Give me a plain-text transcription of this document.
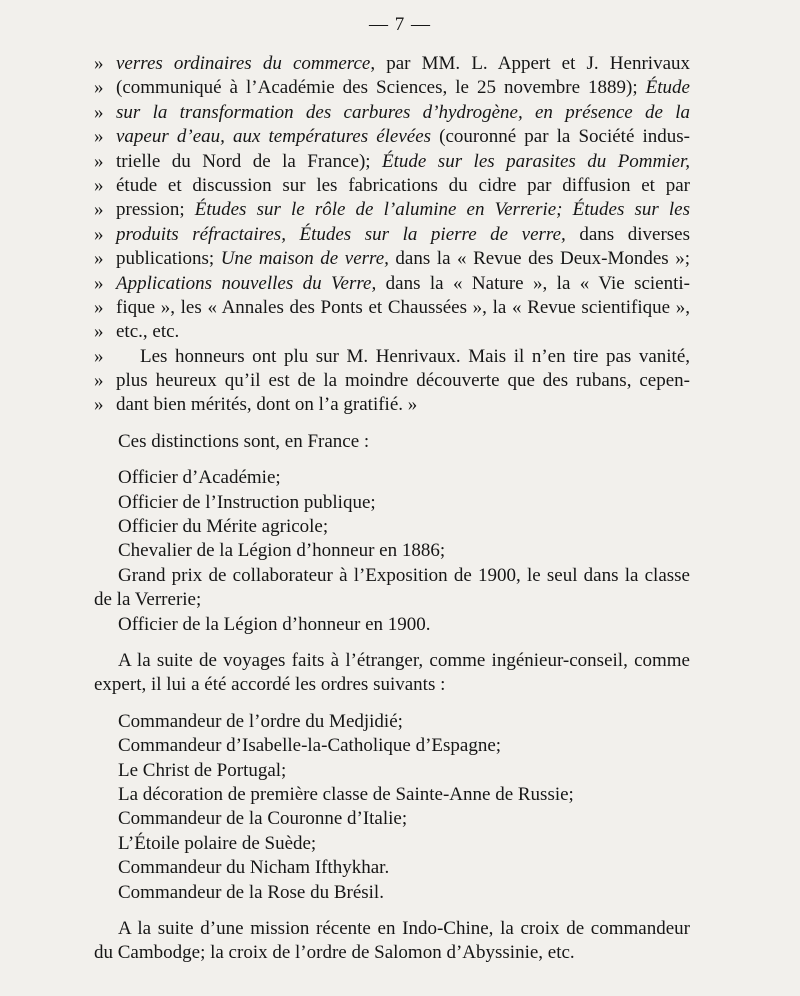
— 7 —
» verres ordinaires du commerce, par MM. L. Appert et J. Henrivaux
» (communiqué à l’Académie des Sciences, le 25 novembre 1889); Étude
» sur la transformation des carbures d’hydrogène, en présence de la
» vapeur d’eau, aux températures élevées (couronné par la Société indus-
» trielle du Nord de la France); Étude sur les parasites du Pommier,
» étude et discussion sur les fabrications du cidre par diffusion et par
» pression; Études sur le rôle de l’alumine en Verrerie; Études sur les
» produits réfractaires, Études sur la pierre de verre, dans diverses
» publications; Une maison de verre, dans la « Revue des Deux-Mondes »;
» Applications nouvelles du Verre, dans la « Nature », la « Vie scienti-
» fique », les « Annales des Ponts et Chaussées », la « Revue scientifique »,
» etc., etc.
»	Les honneurs ont plu sur M. Henrivaux. Mais il n’en tire pas vanité,
» plus heureux qu’il est de la moindre découverte que des rubans, cepen-
» dant bien mérités, dont on l’a gratifié. »
Ces distinctions sont, en France :
Officier d’Académie;
Officier de l’Instruction publique;
Officier du Mérite agricole;
Chevalier de la Légion d’honneur en 1886;
Grand prix de collaborateur à l’Exposition de 1900, le seul dans la classe
de la Verrerie;
Officier de la Légion d’honneur en 1900.
A la suite de voyages faits à l’étranger, comme ingénieur-conseil, comme
expert, il lui a été accordé les ordres suivants :
Commandeur de l’ordre du Medjidié;
Commandeur d’Isabelle-la-Catholique d’Espagne;
Le Christ de Portugal;
La décoration de première classe de Sainte-Anne de Russie;
Commandeur de la Couronne d’Italie;
L’Étoile polaire de Suède;
Commandeur du Nicham Ifthykhar.
Commandeur de la Rose du Brésil.
A la suite d’une mission récente en Indo-Chine, la croix de commandeur
du Cambodge; la croix de l’ordre de Salomon d’Abyssinie, etc.
